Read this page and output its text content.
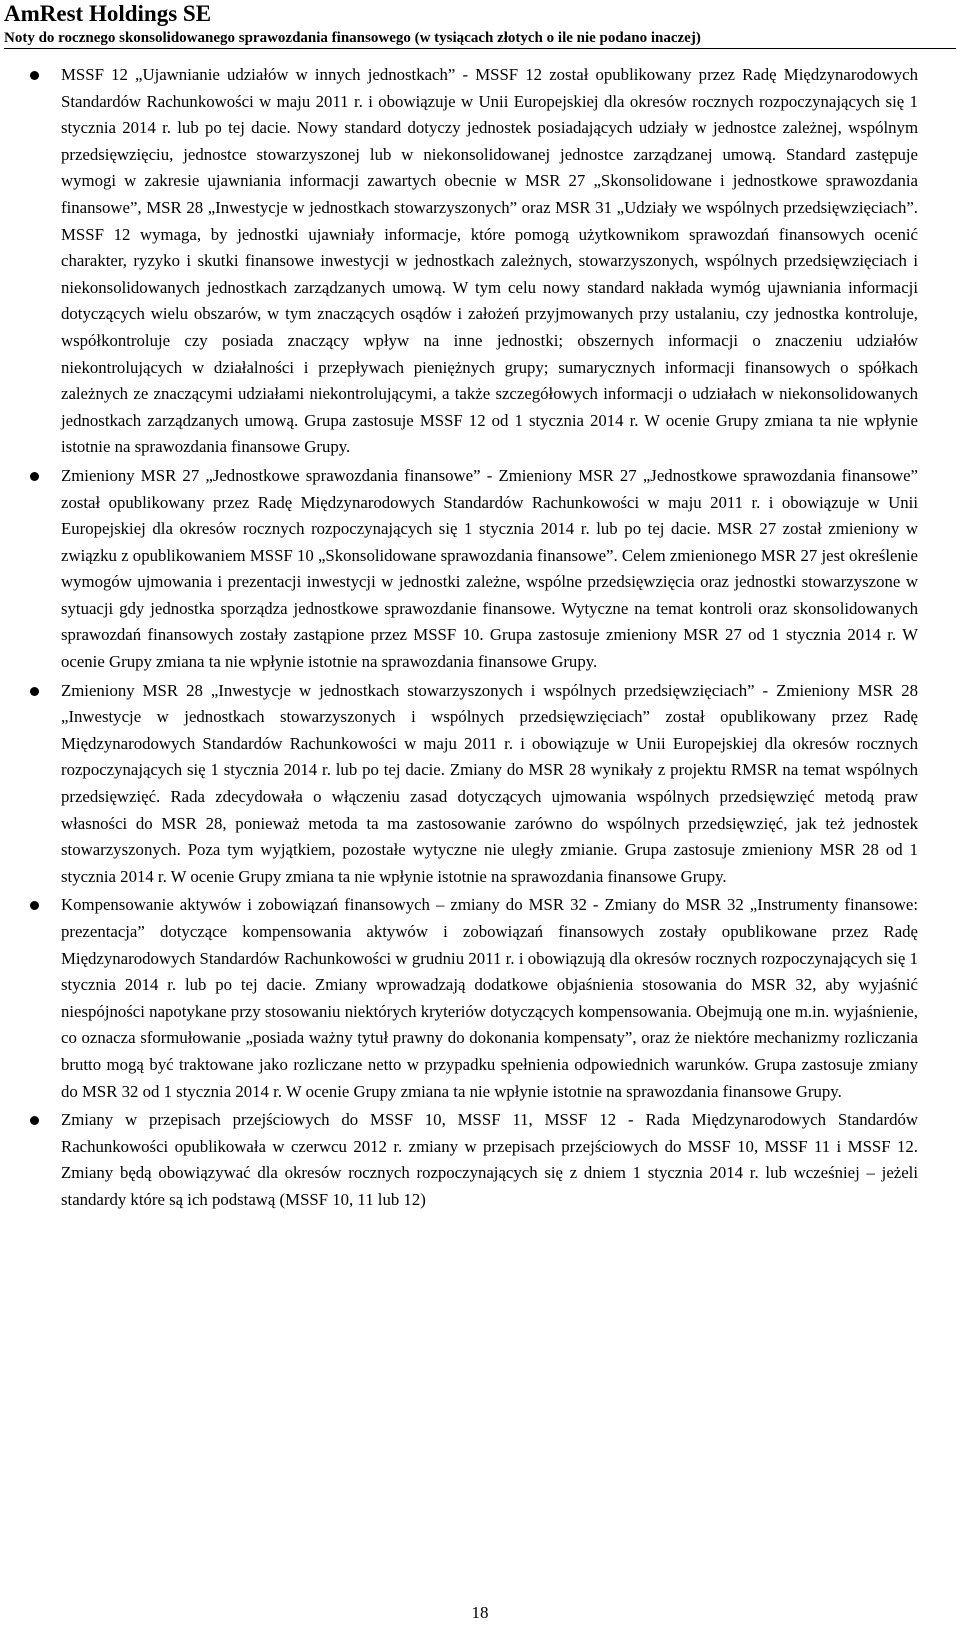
AmRest Holdings SE

Noty do rocznego skonsolidowanego sprawozdania finansowego (w tysiącach złotych o ile nie podano inaczej)

MSSF 12 „Ujawnianie udziałów w innych jednostkach” - MSSF 12 został opublikowany przez Radę Międzynarodowych Standardów Rachunkowości w maju 2011 r. i obowiązuje w Unii Europejskiej dla okresów rocznych rozpoczynających się 1 stycznia 2014 r. lub po tej dacie. Nowy standard dotyczy jednostek posiadających udziały w jednostce zależnej, wspólnym przedsięwzięciu, jednostce stowarzyszonej lub w niekonsolidowanej jednostce zarządzanej umową. Standard zastępuje wymogi w zakresie ujawniania informacji zawartych obecnie w MSR 27 „Skonsolidowane i jednostkowe sprawozdania finansowe”, MSR 28 „Inwestycje w jednostkach stowarzyszonych” oraz MSR 31 „Udziały we wspólnych przedsięwzięciach”. MSSF 12 wymaga, by jednostki ujawniały informacje, które pomogą użytkownikom sprawozdań finansowych ocenić charakter, ryzyko i skutki finansowe inwestycji w jednostkach zależnych, stowarzyszonych, wspólnych przedsięwzięciach i niekonsolidowanych jednostkach zarządzanych umową. W tym celu nowy standard nakłada wymóg ujawniania informacji dotyczących wielu obszarów, w tym znaczących osądów i założeń przyjmowanych przy ustalaniu, czy jednostka kontroluje, współkontroluje czy posiada znaczący wpływ na inne jednostki; obszernych informacji o znaczeniu udziałów niekontrolujących w działalności i przepływach pieniężnych grupy; sumarycznych informacji finansowych o spółkach zależnych ze znaczącymi udziałami niekontrolującymi, a także szczegółowych informacji o udziałach w niekonsolidowanych jednostkach zarządzanych umową. Grupa zastosuje MSSF 12 od 1 stycznia 2014 r. W ocenie Grupy zmiana ta nie wpłynie istotnie na sprawozdania finansowe Grupy.
Zmieniony MSR 27 „Jednostkowe sprawozdania finansowe” - Zmieniony MSR 27 „Jednostkowe sprawozdania finansowe” został opublikowany przez Radę Międzynarodowych Standardów Rachunkowości w maju 2011 r. i obowiązuje w Unii Europejskiej dla okresów rocznych rozpoczynających się 1 stycznia 2014 r. lub po tej dacie. MSR 27 został zmieniony w związku z opublikowaniem MSSF 10 „Skonsolidowane sprawozdania finansowe”. Celem zmienionego MSR 27 jest określenie wymogów ujmowania i prezentacji inwestycji w jednostki zależne, wspólne przedsięwzięcia oraz jednostki stowarzyszone w sytuacji gdy jednostka sporządza jednostkowe sprawozdanie finansowe. Wytyczne na temat kontroli oraz skonsolidowanych sprawozdań finansowych zostały zastąpione przez MSSF 10. Grupa zastosuje zmieniony MSR 27 od 1 stycznia 2014 r. W ocenie Grupy zmiana ta nie wpłynie istotnie na sprawozdania finansowe Grupy.
Zmieniony MSR 28 „Inwestycje w jednostkach stowarzyszonych i wspólnych przedsięwzięciach” - Zmieniony MSR 28 „Inwestycje w jednostkach stowarzyszonych i wspólnych przedsięwzięciach” został opublikowany przez Radę Międzynarodowych Standardów Rachunkowości w maju 2011 r. i obowiązuje w Unii Europejskiej dla okresów rocznych rozpoczynających się 1 stycznia 2014 r. lub po tej dacie. Zmiany do MSR 28 wynikały z projektu RMSR na temat wspólnych przedsięwzięć. Rada zdecydowała o włączeniu zasad dotyczących ujmowania wspólnych przedsięwzięć metodą praw własności do MSR 28, ponieważ metoda ta ma zastosowanie zarówno do wspólnych przedsięwzięć, jak też jednostek stowarzyszonych. Poza tym wyjątkiem, pozostałe wytyczne nie uległy zmianie. Grupa zastosuje zmieniony MSR 28 od 1 stycznia 2014 r. W ocenie Grupy zmiana ta nie wpłynie istotnie na sprawozdania finansowe Grupy.
Kompensowanie aktywów i zobowiązań finansowych – zmiany do MSR 32 - Zmiany do MSR 32 „Instrumenty finansowe: prezentacja” dotyczące kompensowania aktywów i zobowiązań finansowych zostały opublikowane przez Radę Międzynarodowych Standardów Rachunkowości w grudniu 2011 r. i obowiązują dla okresów rocznych rozpoczynających się 1 stycznia 2014 r. lub po tej dacie. Zmiany wprowadzają dodatkowe objaśnienia stosowania do MSR 32, aby wyjaśnić niespójności napotykane przy stosowaniu niektórych kryteriów dotyczących kompensowania. Obejmują one m.in. wyjaśnienie, co oznacza sformułowanie „posiada ważny tytuł prawny do dokonania kompensaty”, oraz że niektóre mechanizmy rozliczania brutto mogą być traktowane jako rozliczane netto w przypadku spełnienia odpowiednich warunków. Grupa zastosuje zmiany do MSR 32 od 1 stycznia 2014 r. W ocenie Grupy zmiana ta nie wpłynie istotnie na sprawozdania finansowe Grupy.
Zmiany w przepisach przejściowych do MSSF 10, MSSF 11, MSSF 12 - Rada Międzynarodowych Standardów Rachunkowości opublikowała w czerwcu 2012 r. zmiany w przepisach przejściowych do MSSF 10, MSSF 11 i MSSF 12. Zmiany będą obowiązywać dla okresów rocznych rozpoczynających się z dniem 1 stycznia 2014 r. lub wcześniej – jeżeli standardy które są ich podstawą (MSSF 10, 11 lub 12)
18
